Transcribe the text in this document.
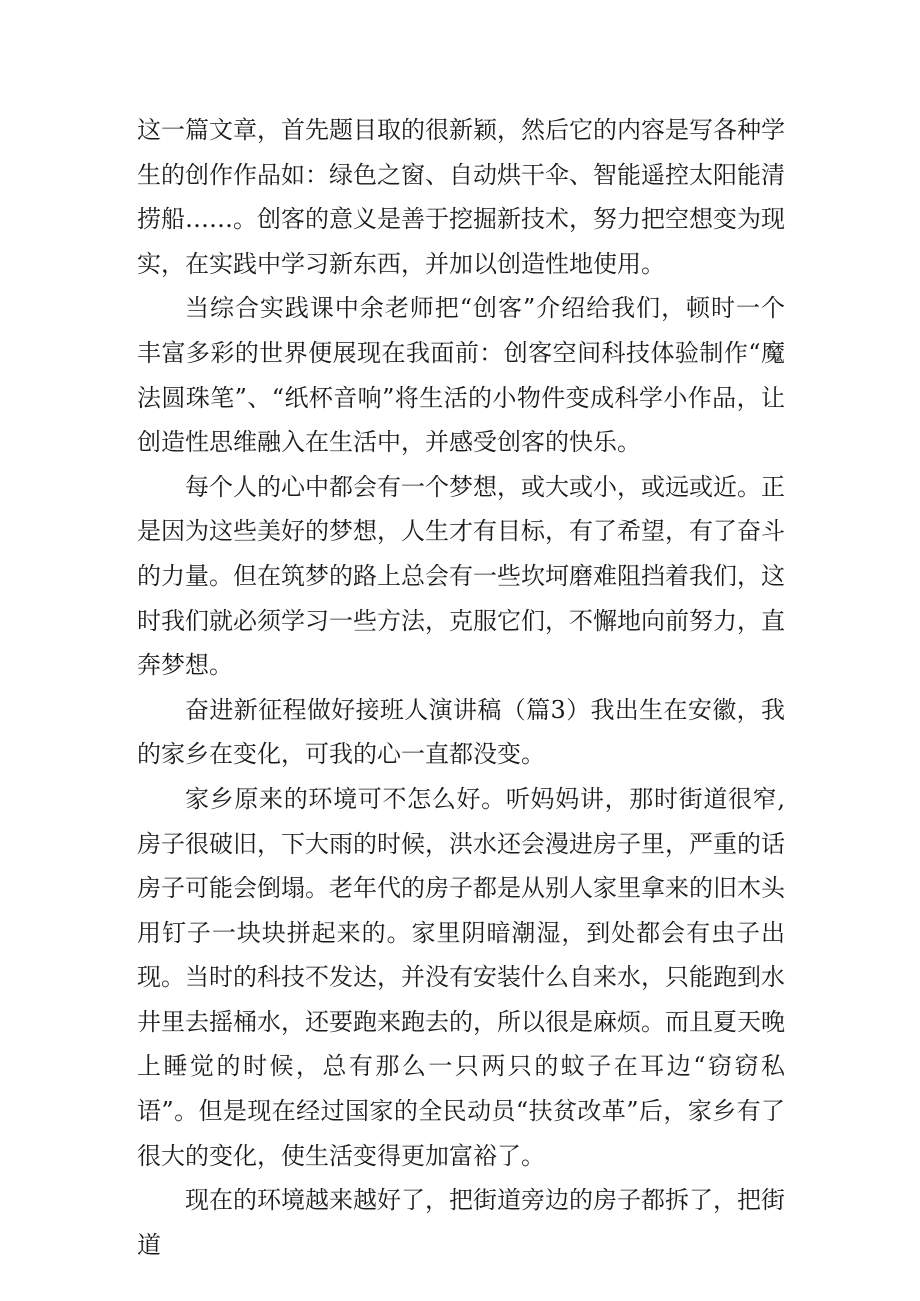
这一篇文章，首先题目取的很新颖，然后它的内容是写各种学生的创作作品如：绿色之窗、自动烘干伞、智能遥控太阳能清捞船……。创客的意义是善于挖掘新技术，努力把空想变为现实，在实践中学习新东西，并加以创造性地使用。

当综合实践课中余老师把“创客”介绍给我们，顿时一个丰富多彩的世界便展现在我面前：创客空间科技体验制作“魔法圆珠笔”、“纸杯音响”将生活的小物件变成科学小作品，让创造性思维融入在生活中，并感受创客的快乐。

每个人的心中都会有一个梦想，或大或小，或远或近。正是因为这些美好的梦想，人生才有目标，有了希望，有了奋斗的力量。但在筑梦的路上总会有一些坎坷磨难阻挡着我们，这时我们就必须学习一些方法，克服它们，不懈地向前努力，直奔梦想。

奋进新征程做好接班人演讲稿（篇3）我出生在安徽，我的家乡在变化，可我的心一直都没变。

家乡原来的环境可不怎么好。听妈妈讲，那时街道很窄,房子很破旧，下大雨的时候，洪水还会漫进房子里，严重的话房子可能会倒塌。老年代的房子都是从别人家里拿来的旧木头用钉子一块块拼起来的。家里阴暗潮湿，到处都会有虫子出现。当时的科技不发达，并没有安装什么自来水，只能跑到水井里去摇桶水，还要跑来跑去的，所以很是麻烦。而且夏天晚上睡觉的时候，总有那么一只两只的蚊子在耳边“窃窃私语”。但是现在经过国家的全民动员“扶贫改革”后，家乡有了很大的变化，使生活变得更加富裕了。

现在的环境越来越好了，把街道旁边的房子都拆了，把街道
